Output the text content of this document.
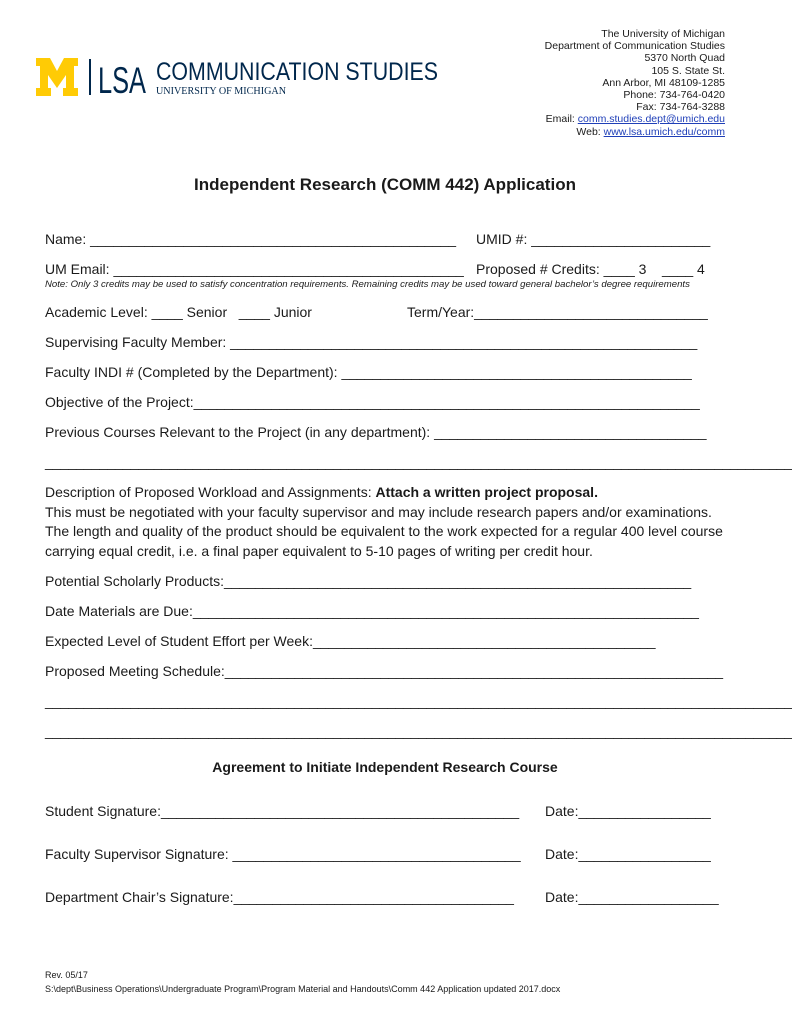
LSA COMMUNICATION STUDIES
UNIVERSITY OF MICHIGAN
The University of Michigan
Department of Communication Studies
5370 North Quad
105 S. State St.
Ann Arbor, MI 48109-1285
Phone: 734-764-0420
Fax: 734-764-3288
Email: comm.studies.dept@umich.edu
Web: www.lsa.umich.edu/comm
Independent Research (COMM 442) Application
Name: _______________________________________________ UMID #: _______________________
UM Email: _____________________________________________ Proposed # Credits: ____ 3    ____ 4
Note: Only 3 credits may be used to satisfy concentration requirements. Remaining credits may be used toward general bachelor’s degree requirements
Academic Level: ____ Senior   ____ Junior	Term/Year:______________________________
Supervising Faculty Member: ____________________________________________________________
Faculty INDI # (Completed by the Department): _____________________________________________
Objective of the Project:_________________________________________________________________
Previous Courses Relevant to the Project (in any department): ___________________________________
________________________________________________________________________________________________
Description of Proposed Workload and Assignments: Attach a written project proposal.
This must be negotiated with your faculty supervisor and may include research papers and/or examinations.
The length and quality of the product should be equivalent to the work expected for a regular 400 level course
carrying equal credit, i.e. a final paper equivalent to 5-10 pages of writing per credit hour.
Potential Scholarly Products:____________________________________________________________
Date Materials are Due:_________________________________________________________________
Expected Level of Student Effort per Week:____________________________________________
Proposed Meeting Schedule:________________________________________________________________
________________________________________________________________________________________________
________________________________________________________________________________________________
Agreement to Initiate Independent Research Course
Student Signature:______________________________________________ Date:_________________
Faculty Supervisor Signature: _____________________________________ Date:_________________
Department Chair’s Signature:____________________________________ Date:__________________
Rev. 05/17
S:\dept\Business Operations\Undergraduate Program\Program Material and Handouts\Comm 442 Application updated 2017.docx
